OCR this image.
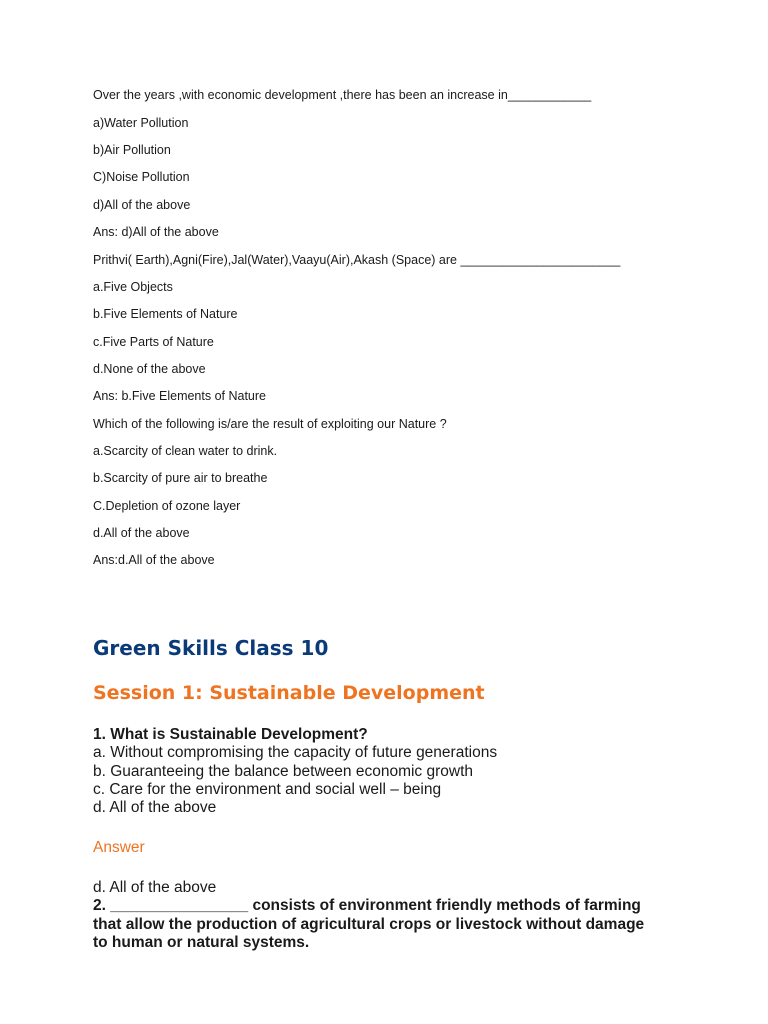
Over the years ,with economic development ,there has been an increase in____________
a)Water Pollution
b)Air Pollution
C)Noise Pollution
d)All of the above
Ans: d)All of the above
Prithvi( Earth),Agni(Fire),Jal(Water),Vaayu(Air),Akash (Space) are _______________________
a.Five Objects
b.Five Elements of Nature
c.Five Parts of Nature
d.None of the above
Ans: b.Five Elements of Nature
Which of the following is/are the result of exploiting our Nature ?
a.Scarcity of clean water to drink.
b.Scarcity of pure air to breathe
C.Depletion of ozone layer
d.All of the above
Ans:d.All of the above
Green Skills Class 10
Session 1: Sustainable Development
1. What is Sustainable Development?
a. Without compromising the capacity of future generations
b. Guaranteeing the balance between economic growth
c. Care for the environment and social well – being
d. All of the above
Answer
d. All of the above
2. ________________ consists of environment friendly methods of farming that allow the production of agricultural crops or livestock without damage to human or natural systems.
